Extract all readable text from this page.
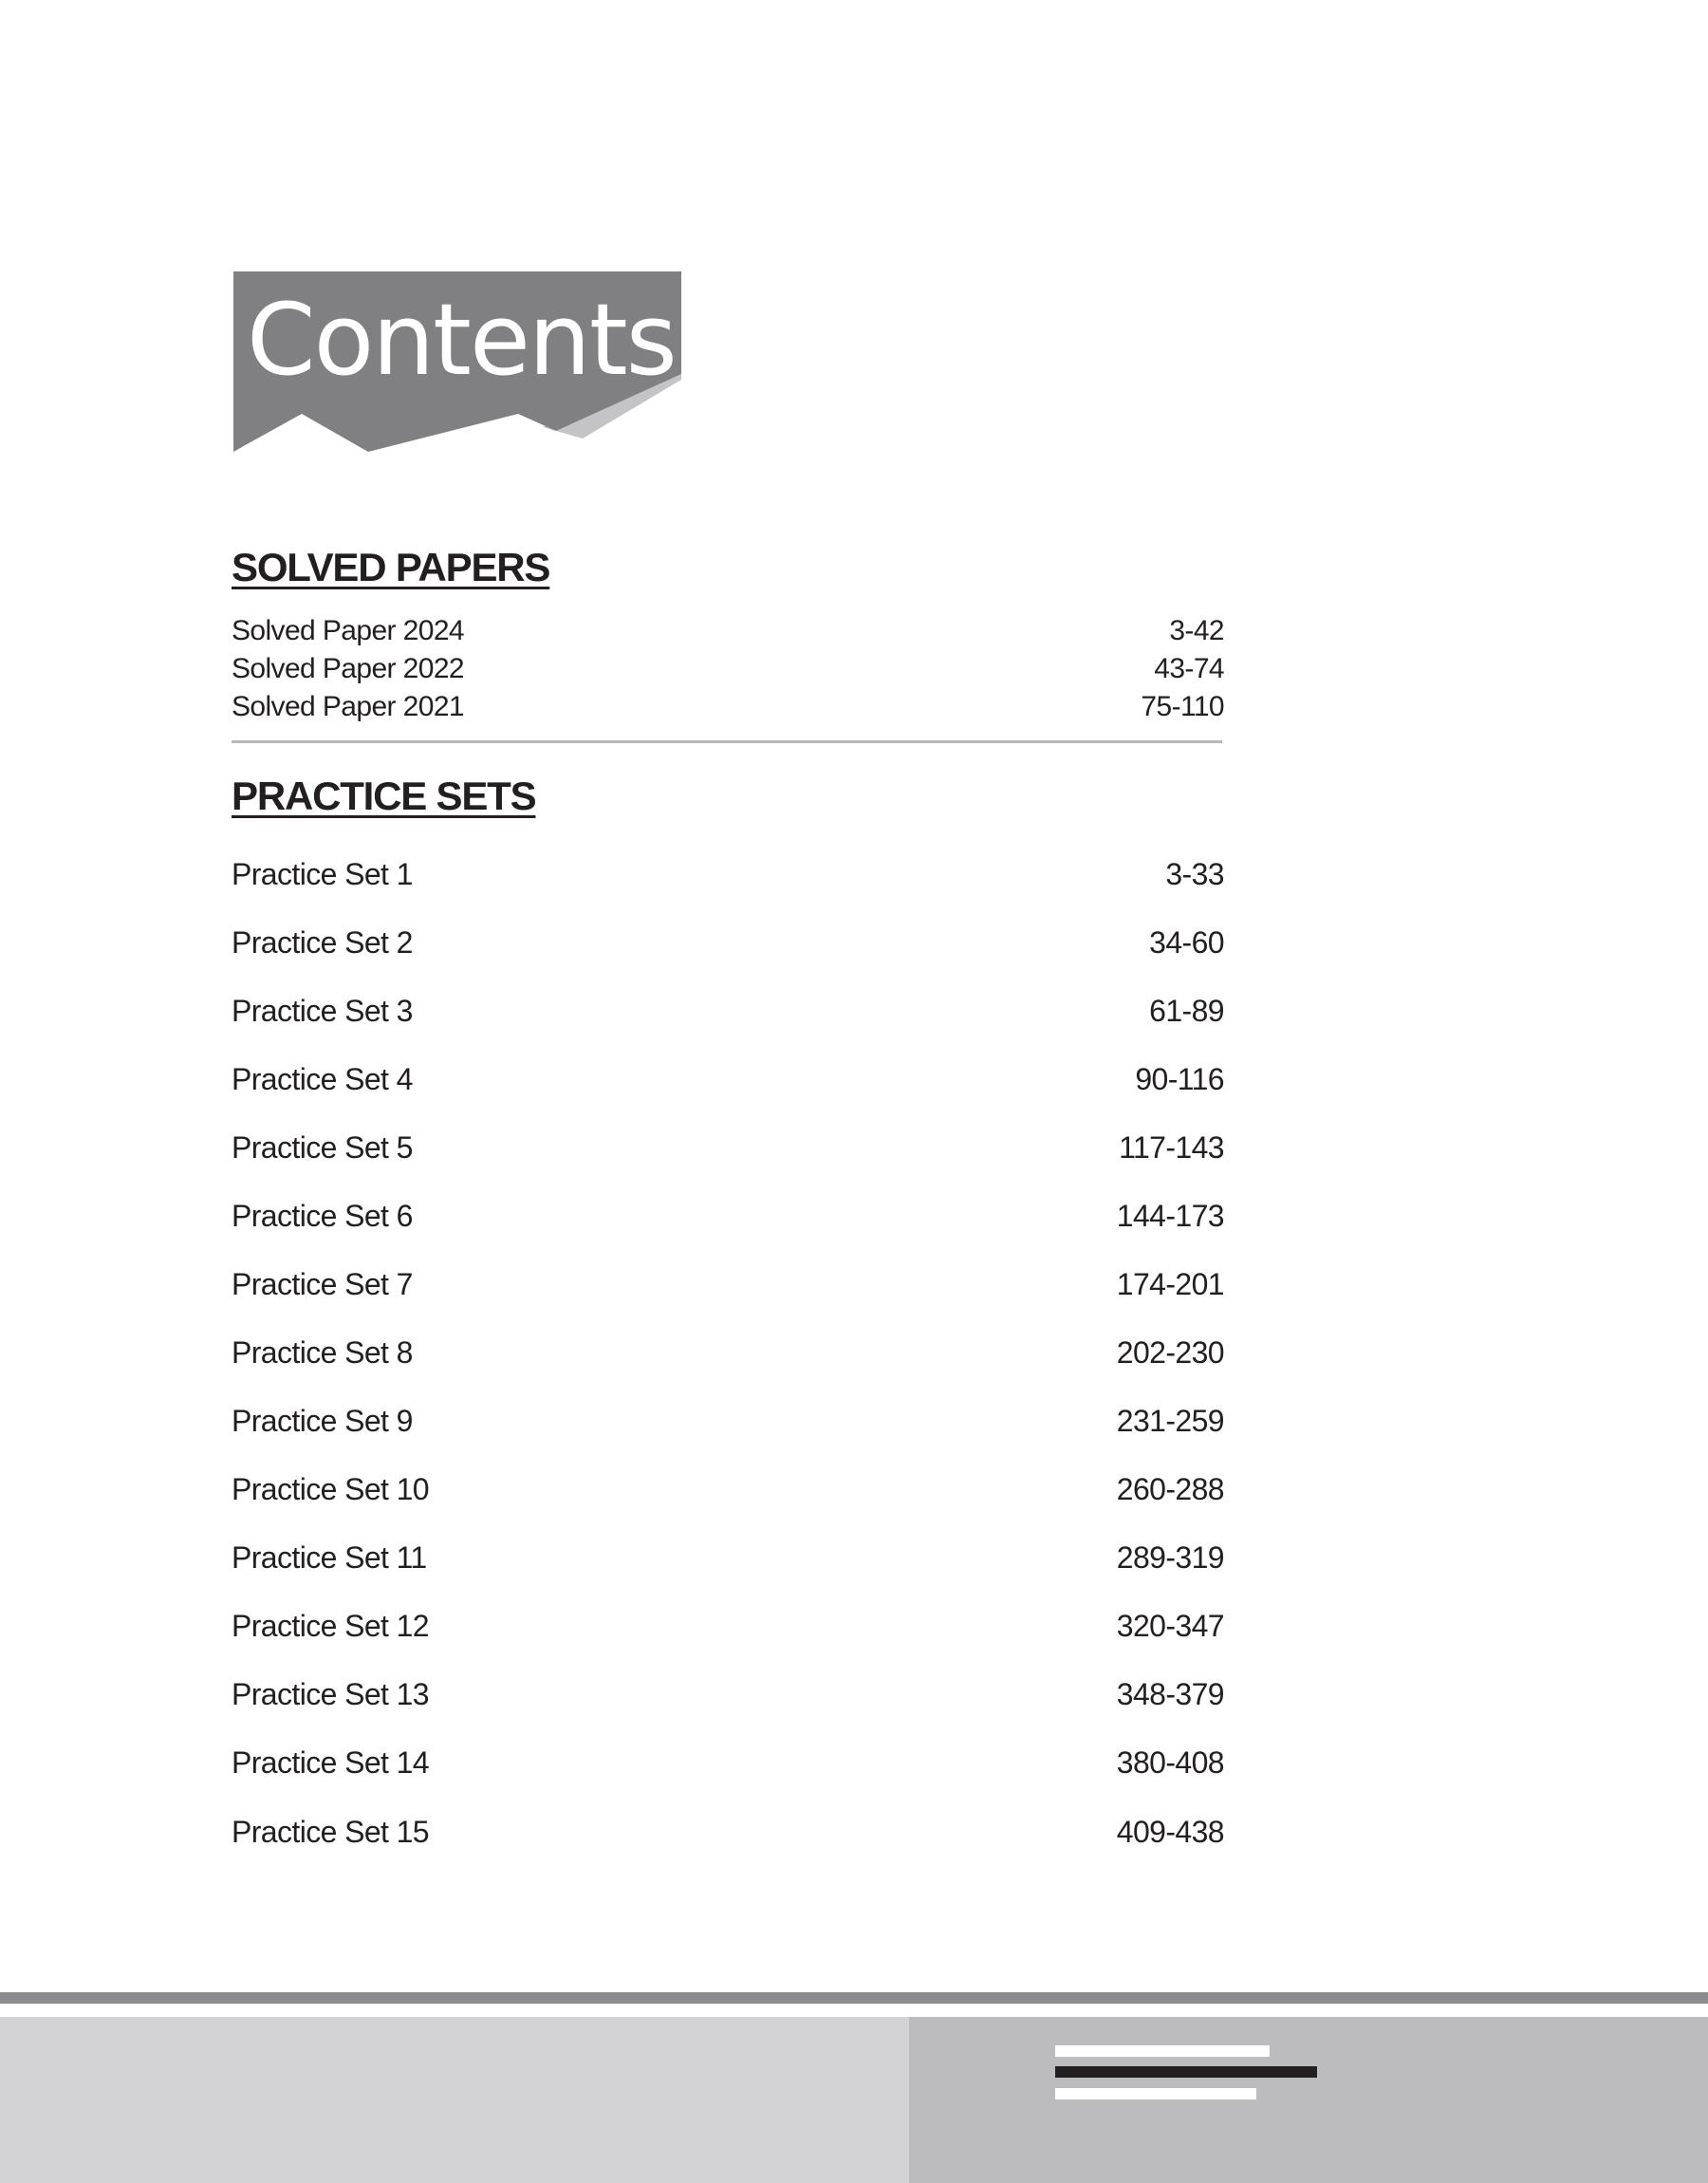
Contents
SOLVED PAPERS
Solved Paper 2024	3-42
Solved Paper 2022	43-74
Solved Paper 2021	75-110
PRACTICE SETS
Practice Set 1	3-33
Practice Set 2	34-60
Practice Set 3	61-89
Practice Set 4	90-116
Practice Set 5	117-143
Practice Set 6	144-173
Practice Set 7	174-201
Practice Set 8	202-230
Practice Set 9	231-259
Practice Set 10	260-288
Practice Set 11	289-319
Practice Set 12	320-347
Practice Set 13	348-379
Practice Set 14	380-408
Practice Set 15	409-438
